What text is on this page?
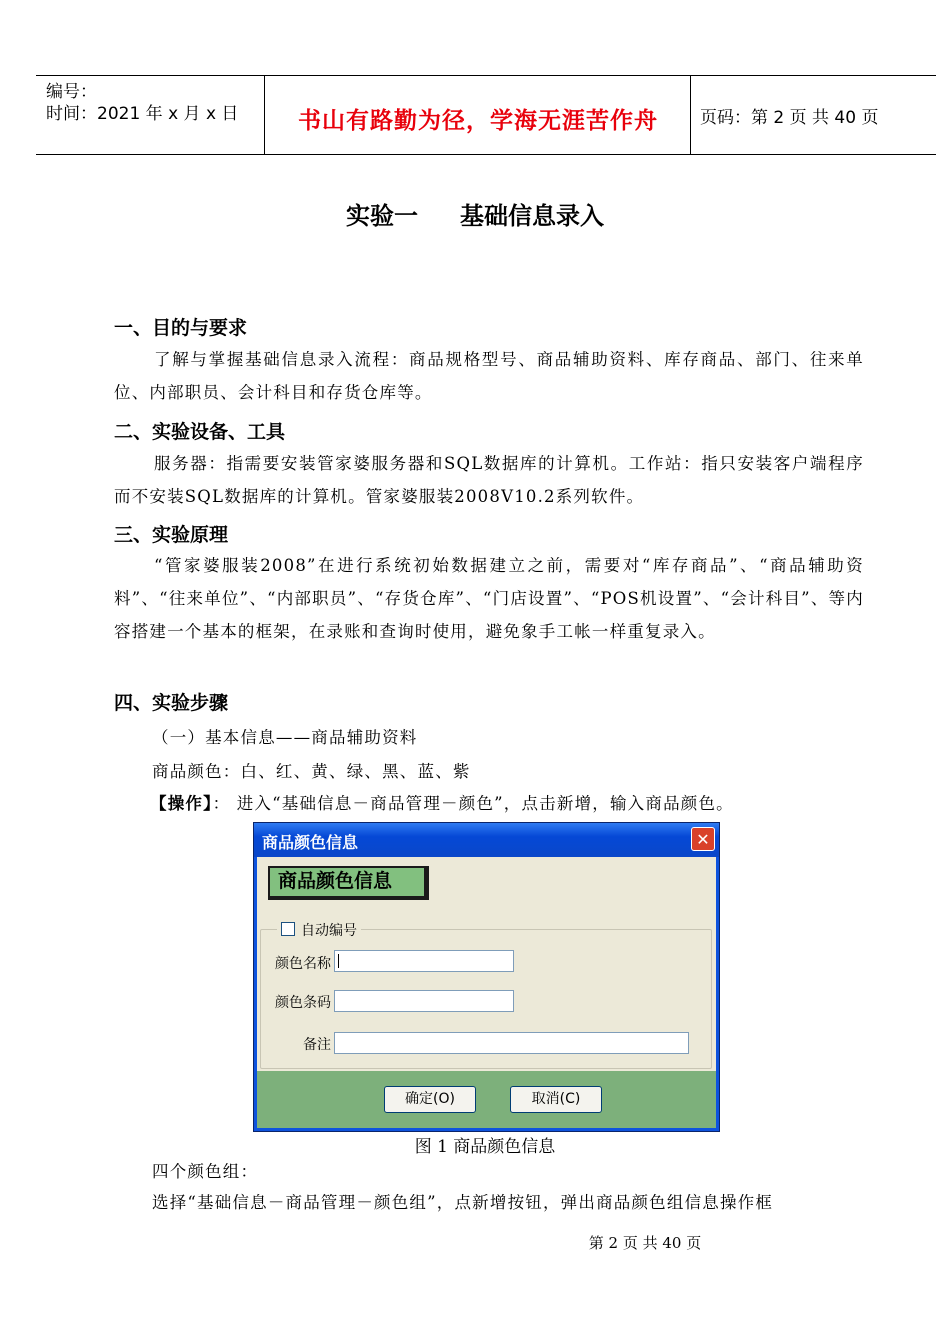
编号：
时间：2021 年 x 月 x 日	书山有路勤为径，学海无涯苦作舟	页码：第 2 页 共 40 页
实验一 基础信息录入
一、目的与要求
了解与掌握基础信息录入流程：商品规格型号、商品辅助资料、库存商品、部门、往来单位、内部职员、会计科目和存货仓库等。
二、实验设备、工具
服务器：指需要安装管家婆服务器和SQL数据库的计算机。工作站：指只安装客户端程序而不安装SQL数据库的计算机。管家婆服装2008V10.2系列软件。
三、实验原理
“管家婆服装2008”在进行系统初始数据建立之前，需要对“库存商品”、“商品辅助资料”、“往来单位”、“内部职员”、“存货仓库”、“门店设置”、“POS机设置”、“会计科目”、等内容搭建一个基本的框架，在录账和查询时使用，避免象手工帐一样重复录入。
四、实验步骤
（一）基本信息——商品辅助资料
商品颜色：白、红、黄、绿、黑、蓝、紫
【操作】： 进入“基础信息－商品管理－颜色”，点击新增，输入商品颜色。
商品颜色信息	✕
商品颜色信息
自动编号
颜色名称
颜色条码
备注
确定(O)	取消(C)
图 1 商品颜色信息
四个颜色组：
选择“基础信息－商品管理－颜色组”，点新增按钮，弹出商品颜色组信息操作框
第 2 页 共 40 页
